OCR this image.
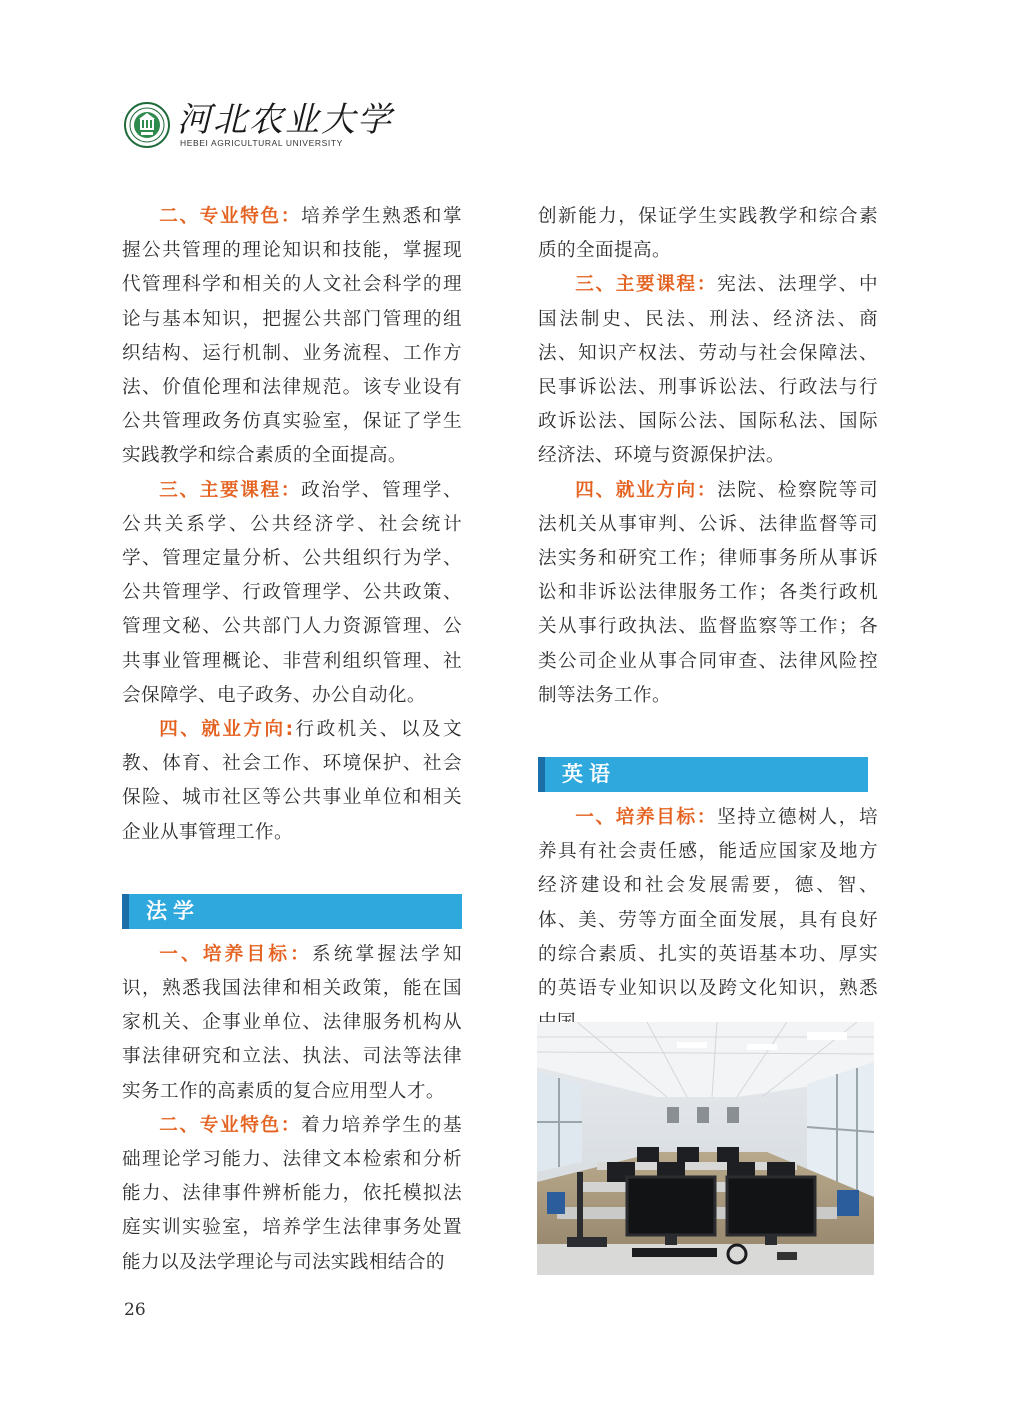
河北农业大学
HEBEI AGRICULTURAL UNIVERSITY

二、专业特色：培养学生熟悉和掌握公共管理的理论知识和技能，掌握现代管理科学和相关的人文社会科学的理论与基本知识，把握公共部门管理的组织结构、运行机制、业务流程、工作方法、价值伦理和法律规范。该专业设有公共管理政务仿真实验室，保证了学生实践教学和综合素质的全面提高。

三、主要课程：政治学、管理学、公共关系学、公共经济学、社会统计学、管理定量分析、公共组织行为学、公共管理学、行政管理学、公共政策、管理文秘、公共部门人力资源管理、公共事业管理概论、非营利组织管理、社会保障学、电子政务、办公自动化。

四、就业方向:行政机关、以及文教、体育、社会工作、环境保护、社会保险、城市社区等公共事业单位和相关企业从事管理工作。

法学

一、培养目标：系统掌握法学知识，熟悉我国法律和相关政策，能在国家机关、企事业单位、法律服务机构从事法律研究和立法、执法、司法等法律实务工作的高素质的复合应用型人才。

二、专业特色：着力培养学生的基础理论学习能力、法律文本检索和分析能力、法律事件辨析能力，依托模拟法庭实训实验室，培养学生法律事务处置能力以及法学理论与司法实践相结合的

创新能力，保证学生实践教学和综合素质的全面提高。

三、主要课程：宪法、法理学、中国法制史、民法、刑法、经济法、商法、知识产权法、劳动与社会保障法、民事诉讼法、刑事诉讼法、行政法与行政诉讼法、国际公法、国际私法、国际经济法、环境与资源保护法。

四、就业方向：法院、检察院等司法机关从事审判、公诉、法律监督等司法实务和研究工作；律师事务所从事诉讼和非诉讼法律服务工作；各类行政机关从事行政执法、监督监察等工作；各类公司企业从事合同审查、法律风险控制等法务工作。

英语

一、培养目标：坚持立德树人，培养具有社会责任感，能适应国家及地方经济建设和社会发展需要，德、智、体、美、劳等方面全面发展，具有良好的综合素质、扎实的英语基本功、厚实的英语专业知识以及跨文化知识，熟悉

26
